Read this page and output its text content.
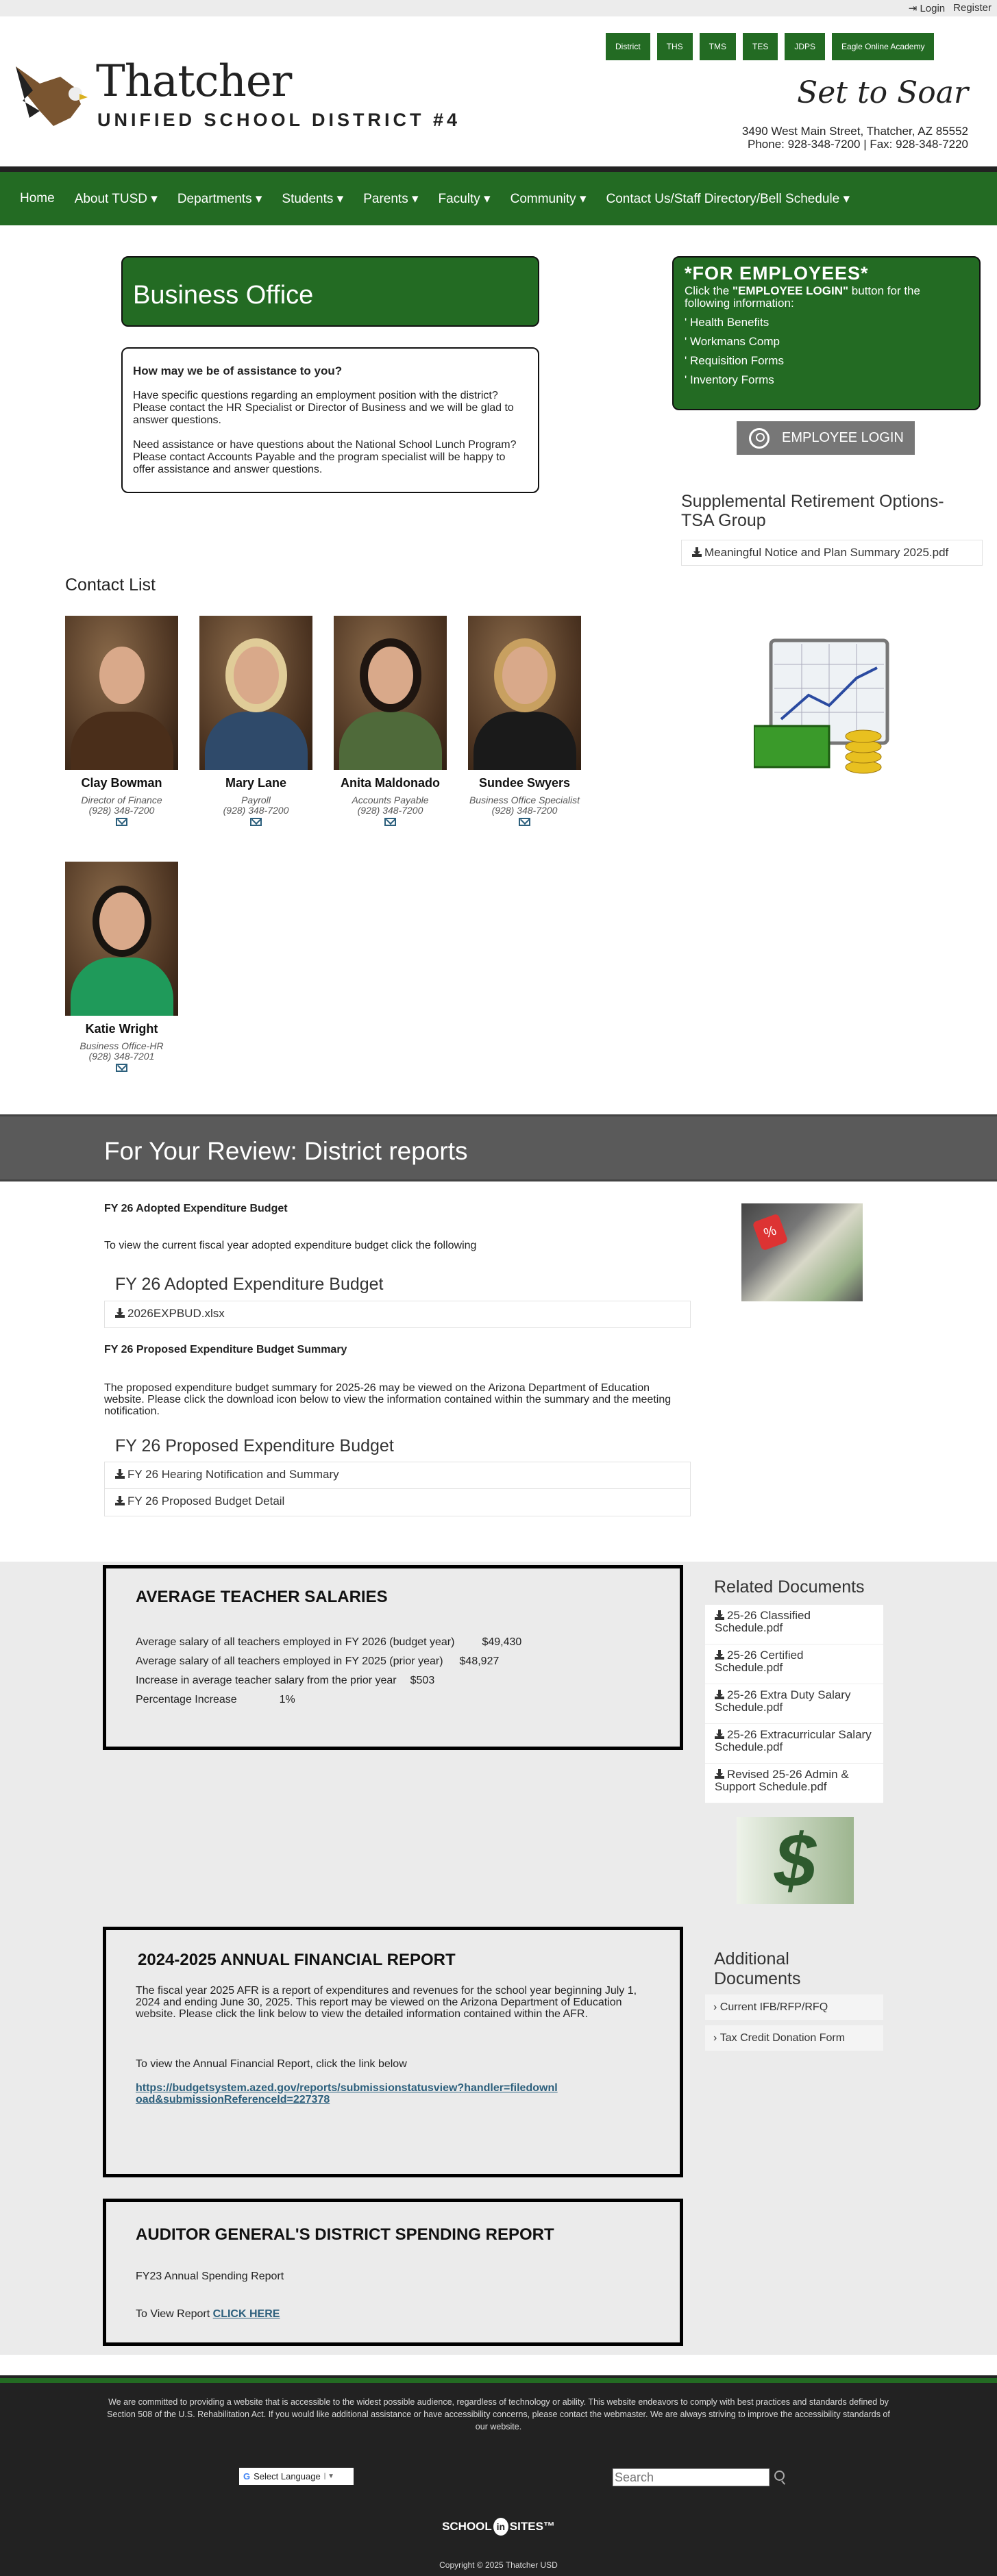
⇥ Login Register
District	THS	TMS	TES	JDPS	Eagle Online Academy
Thatcher
UNIFIED SCHOOL DISTRICT #4
Set to Soar
3490 West Main Street, Thatcher, AZ 85552
Phone: 928-348-7200 | Fax: 928-348-7220
Home About TUSD ▾ Departments ▾ Students ▾ Parents ▾ Faculty ▾ Community ▾ Contact Us/Staff Directory/Bell Schedule ▾
Business Office
How may we be of assistance to you?

Have specific questions regarding an employment position with the district? Please contact the HR Specialist or Director of Business and we will be glad to answer questions.

Need assistance or have questions about the National School Lunch Program? Please contact Accounts Payable and the program specialist will be happy to offer assistance and answer questions.

*FOR EMPLOYEES*
Click the "EMPLOYEE LOGIN" button for the following information:
' Health Benefits
' Workmans Comp
' Requisition Forms
' Inventory Forms
EMPLOYEE LOGIN
Supplemental Retirement Options- TSA Group
Meaningful Notice and Plan Summary 2025.pdf
Contact List
Clay Bowman
Director of Finance
(928) 348-7200
Mary Lane
Payroll
(928) 348-7200
Anita Maldonado
Accounts Payable
(928) 348-7200
Sundee Swyers
Business Office Specialist
(928) 348-7200
Katie Wright
Business Office-HR
(928) 348-7201
For Your Review: District reports
FY 26 Adopted Expenditure Budget
To view the current fiscal year adopted expenditure budget click the following
FY 26 Adopted Expenditure Budget
2026EXPBUD.xlsx
FY 26 Proposed Expenditure Budget Summary
The proposed expenditure budget summary for 2025-26 may be viewed on the Arizona Department of Education website. Please click the download icon below to view the information contained within the summary and the meeting notification.
FY 26 Proposed Expenditure Budget
FY 26 Hearing Notification and Summary
FY 26 Proposed Budget Detail
%
AVERAGE TEACHER SALARIES
Average salary of all teachers employed in FY 2026 (budget year)	$49,430
Average salary of all teachers employed in FY 2025 (prior year) $48,927
Increase in average teacher salary from the prior year $503
Percentage Increase	1%
Related Documents
25-26 Classified Schedule.pdf
25-26 Certified Schedule.pdf
25-26 Extra Duty Salary Schedule.pdf
25-26 Extracurricular Salary Schedule.pdf
Revised 25-26 Admin & Support Schedule.pdf
$
2024-2025 ANNUAL FINANCIAL REPORT
The fiscal year 2025 AFR is a report of expenditures and revenues for the school year beginning July 1, 2024 and ending June 30, 2025. This report may be viewed on the Arizona Department of Education website. Please click the link below to view the detailed information contained within the AFR.
To view the Annual Financial Report, click the link below
https://budgetsystem.azed.gov/reports/submissionstatusview?handler=filedownload&submissionReferenceId=227378
Additional Documents
› Current IFB/RFP/RFQ
› Tax Credit Donation Form
AUDITOR GENERAL'S DISTRICT SPENDING REPORT
FY23 Annual Spending Report
To View Report CLICK HERE
We are committed to providing a website that is accessible to the widest possible audience, regardless of technology or ability. This website endeavors to comply with best practices and standards defined by Section 508 of the U.S. Rehabilitation Act. If you would like additional assistance or have accessibility concerns, please contact the webmaster. We are always striving to improve the accessibility standards of our website.
G Select Language | ▼
Search
SCHOOL in SITES™
Copyright © 2025 Thatcher USD
